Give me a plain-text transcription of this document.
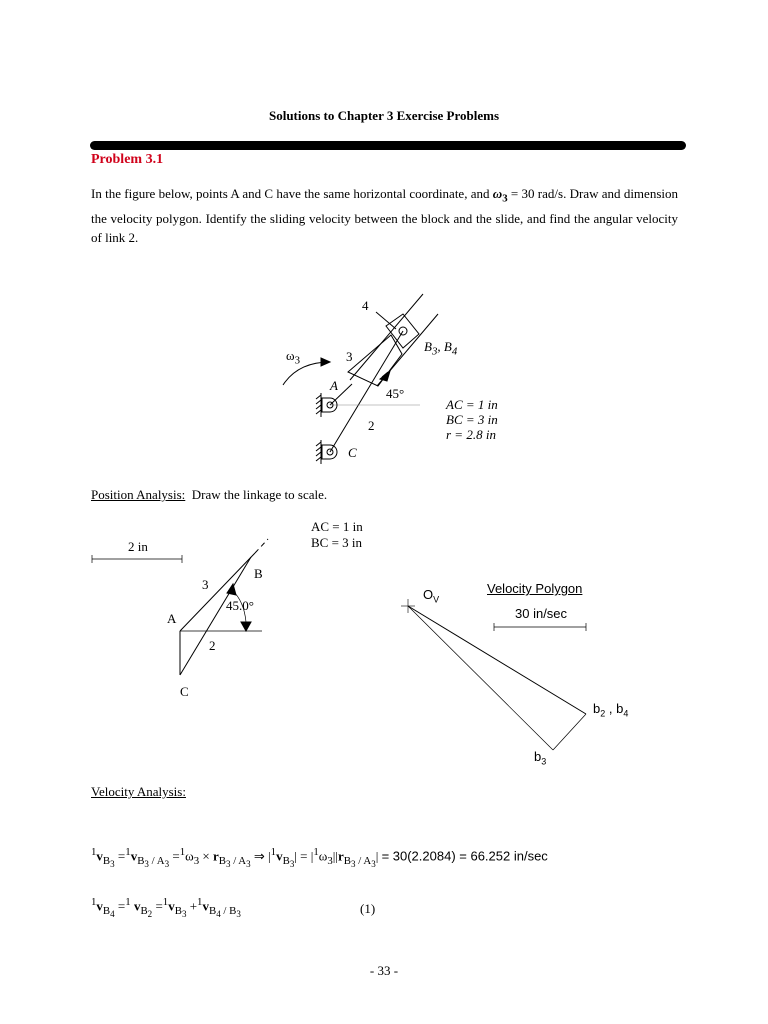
Solutions to Chapter 3 Exercise Problems
Problem 3.1
In the figure below, points A and C have the same horizontal coordinate, and $\omega_3 = 30$ rad/s. Draw and dimension the velocity polygon. Identify the sliding velocity between the block and the slide, and find the angular velocity of link 2.
4
$\omega_3$	3
A
$B_3$, $B_4$
45°
2
C
AC = 1 in
BC = 3 in
r = 2.8 in
Position Analysis: Draw the linkage to scale.
AC = 1 in
BC = 3 in
2 in
B
3
45.0°
A
2
C
$O_V$
Velocity Polygon
30 in/sec
$b_2$ , $b_4$
$b_3$
Velocity Analysis:
$^1v_{B_3} =^1v_{B_3 / A_3} =^1\omega_3 \times r_{B_3 / A_3}$ ⇒ $|^1v_{B_3}| = |^1\omega_3||r_{B_3 / A_3}| = 30(2.2084) = 66.252$ in/sec
$^1v_{B_4} =^1$ $v_{B_2} =^1v_{B_3} +^1v_{B_4 / B_3}$	(1)
- 33 -
